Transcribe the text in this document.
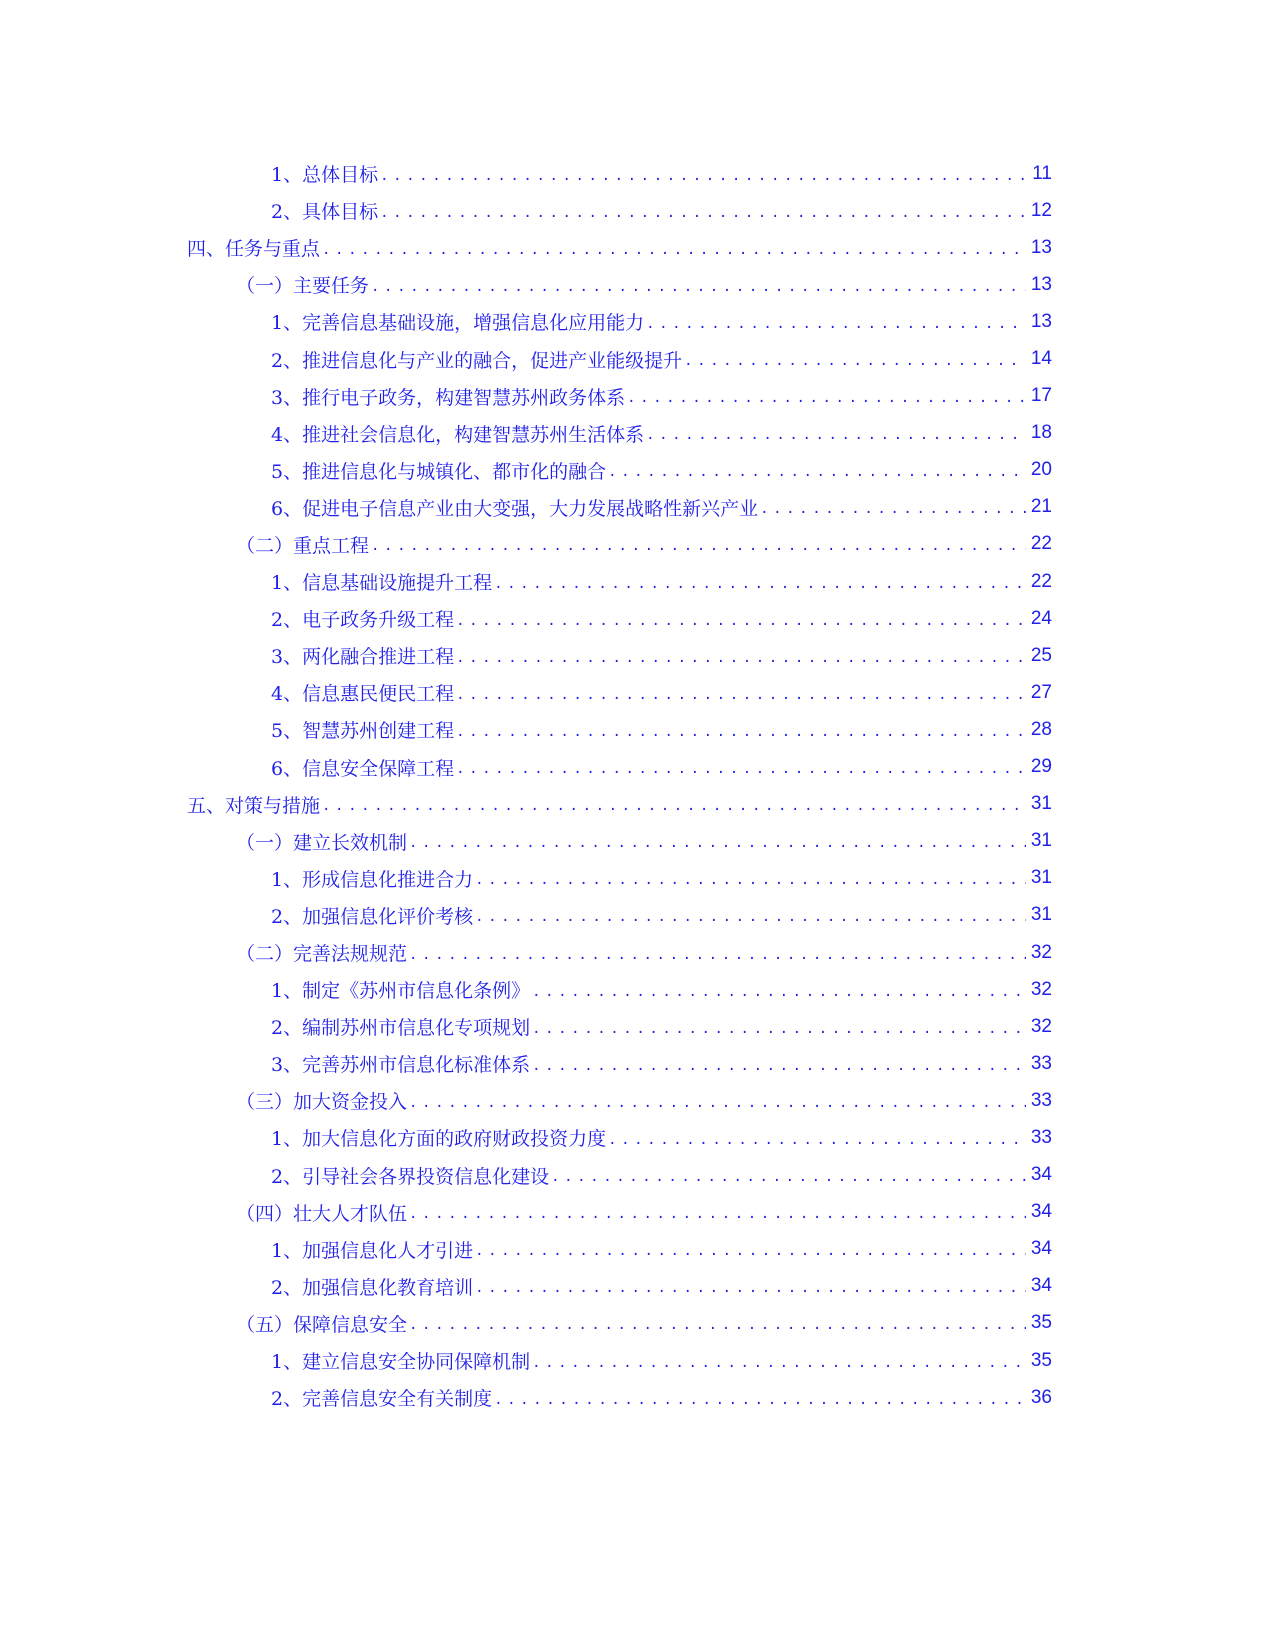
1、总体目标 .....	11
2、具体目标 .....	12
四、任务与重点 .....	13
（一）主要任务 .....	13
1、完善信息基础设施，增强信息化应用能力 .....	13
2、推进信息化与产业的融合，促进产业能级提升 .....	14
3、推行电子政务，构建智慧苏州政务体系 .....	17
4、推进社会信息化，构建智慧苏州生活体系 .....	18
5、推进信息化与城镇化、都市化的融合 .....	20
6、促进电子信息产业由大变强，大力发展战略性新兴产业 .....	21
（二）重点工程 .....	22
1、信息基础设施提升工程 .....	22
2、电子政务升级工程 .....	24
3、两化融合推进工程 .....	25
4、信息惠民便民工程 .....	27
5、智慧苏州创建工程 .....	28
6、信息安全保障工程 .....	29
五、对策与措施 .....	31
（一）建立长效机制 .....	31
1、形成信息化推进合力 .....	31
2、加强信息化评价考核 .....	31
（二）完善法规规范 .....	32
1、制定《苏州市信息化条例》 .....	32
2、编制苏州市信息化专项规划 .....	32
3、完善苏州市信息化标准体系 .....	33
（三）加大资金投入 .....	33
1、加大信息化方面的政府财政投资力度 .....	33
2、引导社会各界投资信息化建设 .....	34
（四）壮大人才队伍 .....	34
1、加强信息化人才引进 .....	34
2、加强信息化教育培训 .....	34
（五）保障信息安全 .....	35
1、建立信息安全协同保障机制 .....	35
2、完善信息安全有关制度 .....	36
